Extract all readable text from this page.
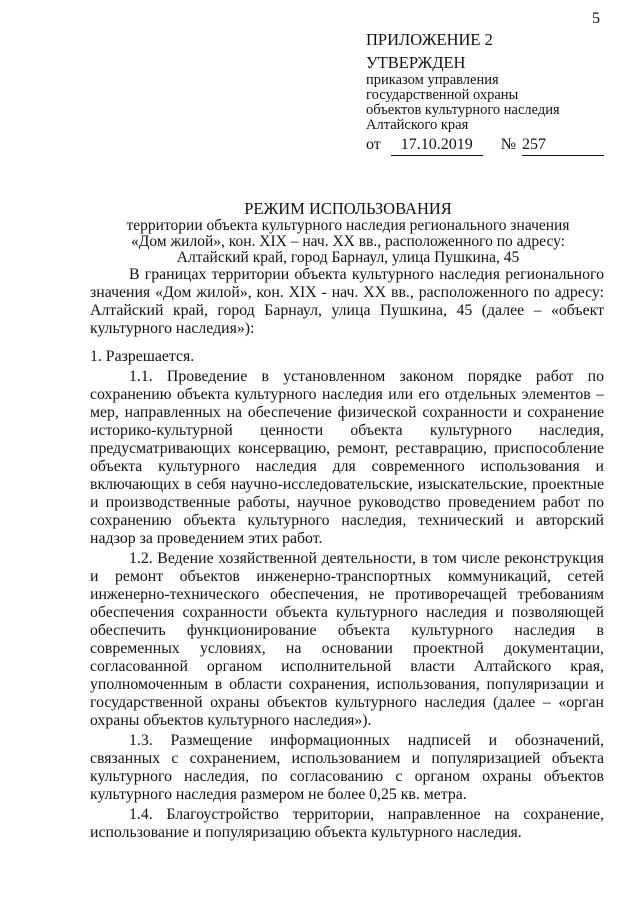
5
ПРИЛОЖЕНИЕ 2
УТВЕРЖДЕН
приказом управления
государственной охраны
объектов культурного наследия
Алтайского края
от 17.10.2019 № 257
РЕЖИМ ИСПОЛЬЗОВАНИЯ
территории объекта культурного наследия регионального значения
«Дом жилой», кон. XIX – нач. XX вв., расположенного по адресу:
Алтайский край, город Барнаул, улица Пушкина, 45

В границах территории объекта культурного наследия регионального значения «Дом жилой», кон. XIX - нач. XX вв., расположенного по адресу: Алтайский край, город Барнаул, улица Пушкина, 45 (далее – «объект культурного наследия»):

1. Разрешается.

1.1. Проведение в установленном законом порядке работ по сохранению объекта культурного наследия или его отдельных элементов – мер, направленных на обеспечение физической сохранности и сохранение историко-культурной ценности объекта культурного наследия, предусматривающих консервацию, ремонт, реставрацию, приспособление объекта культурного наследия для современного использования и включающих в себя научно-исследовательские, изыскательские, проектные и производственные работы, научное руководство проведением работ по сохранению объекта культурного наследия, технический и авторский надзор за проведением этих работ.

1.2. Ведение хозяйственной деятельности, в том числе реконструкция и ремонт объектов инженерно-транспортных коммуникаций, сетей инженерно-технического обеспечения, не противоречащей требованиям обеспечения сохранности объекта культурного наследия и позволяющей обеспечить функционирование объекта культурного наследия в современных условиях, на основании проектной документации, согласованной органом исполнительной власти Алтайского края, уполномоченным в области сохранения, использования, популяризации и государственной охраны объектов культурного наследия (далее – «орган охраны объектов культурного наследия»).

1.3. Размещение информационных надписей и обозначений, связанных с сохранением, использованием и популяризацией объекта культурного наследия, по согласованию с органом охраны объектов культурного наследия размером не более 0,25 кв. метра.

1.4. Благоустройство территории, направленное на сохранение, использование и популяризацию объекта культурного наследия.
